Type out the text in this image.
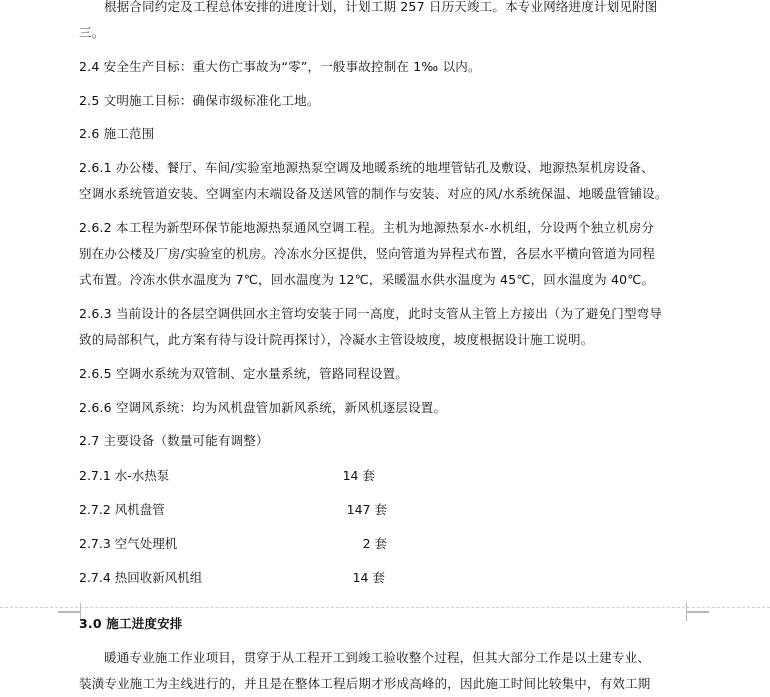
根据合同约定及工程总体安排的进度计划，计划工期 257 日历天竣工。本专业网络进度计划见附图

三。

2.4 安全生产目标：重大伤亡事故为“零”，一般事故控制在 1‰ 以内。

2.5 文明施工目标：确保市级标准化工地。

2.6 施工范围

2.6.1 办公楼、餐厅、车间/实验室地源热泵空调及地暖系统的地埋管钻孔及敷设、地源热泵机房设备、

空调水系统管道安装、空调室内末端设备及送风管的制作与安装、对应的风/水系统保温、地暖盘管铺设。

2.6.2 本工程为新型环保节能地源热泵通风空调工程。主机为地源热泵水-水机组，分设两个独立机房分

别在办公楼及厂房/实验室的机房。冷冻水分区提供，竖向管道为异程式布置，各层水平横向管道为同程

式布置。冷冻水供水温度为 7℃，回水温度为 12℃，采暖温水供水温度为 45℃，回水温度为 40℃。

2.6.3 当前设计的各层空调供回水主管均安装于同一高度，此时支管从主管上方接出（为了避免门型弯导

致的局部积气，此方案有待与设计院再探讨），冷凝水主管设坡度，坡度根据设计施工说明。

2.6.5 空调水系统为双管制、定水量系统，管路同程设置。

2.6.6 空调风系统：均为风机盘管加新风系统，新风机逐层设置。

2.7 主要设备（数量可能有调整）

2.7.1 水-水热泵	14 套
2.7.2 风机盘管	147 套
2.7.3 空气处理机	2 套
2.7.4 热回收新风机组	14 套

3.0 施工进度安排

暖通专业施工作业项目，贯穿于从工程开工到竣工验收整个过程，但其大部分工作是以土建专业、

装潢专业施工为主线进行的，并且是在整体工程后期才形成高峰的，因此施工时间比较集中，有效工期
